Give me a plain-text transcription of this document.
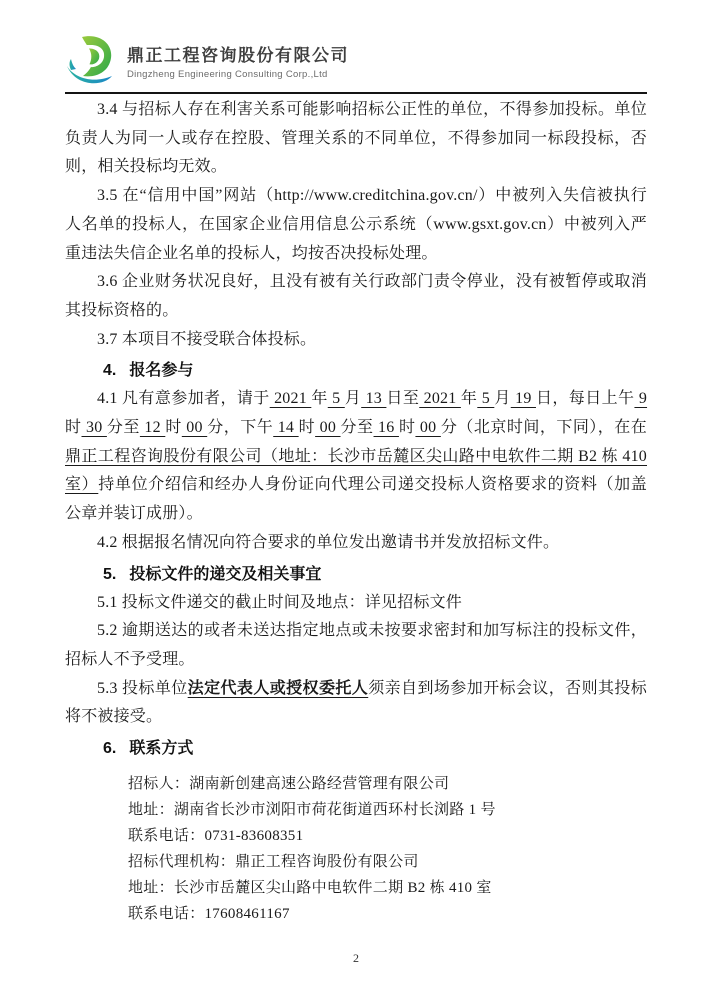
鼎正工程咨询股份有限公司
Dingzheng Engineering Consulting Corp.,Ltd

3.4 与招标人存在利害关系可能影响招标公正性的单位，不得参加投标。单位负责人为同一人或存在控股、管理关系的不同单位，不得参加同一标段投标，否则，相关投标均无效。

3.5 在“信用中国”网站（http://www.creditchina.gov.cn/）中被列入失信被执行人名单的投标人，在国家企业信用信息公示系统（www.gsxt.gov.cn）中被列入严重违法失信企业名单的投标人，均按否决投标处理。

3.6 企业财务状况良好，且没有被有关行政部门责令停业，没有被暂停或取消其投标资格的。

3.7 本项目不接受联合体投标。

4. 报名参与

4.1 凡有意参加者，请于 2021 年 5 月 13 日至 2021 年 5 月 19 日，每日上午 9 时 30 分至 12 时 00 分，下午 14 时 00 分至 16 时 00 分（北京时间，下同），在在 鼎正工程咨询股份有限公司（地址：长沙市岳麓区尖山路中电软件二期 B2 栋 410 室）持单位介绍信和经办人身份证向代理公司递交投标人资格要求的资料（加盖公章并装订成册）。

4.2 根据报名情况向符合要求的单位发出邀请书并发放招标文件。

5. 投标文件的递交及相关事宜

5.1 投标文件递交的截止时间及地点：详见招标文件

5.2 逾期送达的或者未送达指定地点或未按要求密封和加写标注的投标文件，招标人不予受理。

5.3 投标单位法定代表人或授权委托人须亲自到场参加开标会议，否则其投标将不被接受。

6. 联系方式

招标人：湖南新创建高速公路经营管理有限公司

地址：湖南省长沙市浏阳市荷花街道西环村长浏路 1 号

联系电话：0731-83608351

招标代理机构：鼎正工程咨询股份有限公司

地址：长沙市岳麓区尖山路中电软件二期 B2 栋 410 室

联系电话：17608461167

2
